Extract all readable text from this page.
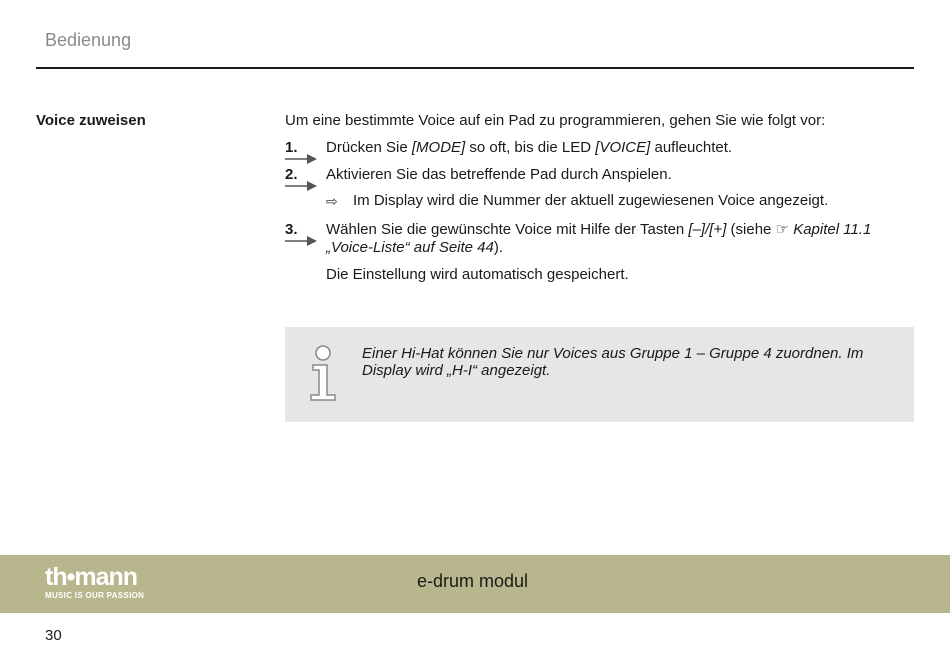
Bedienung
Voice zuweisen	Um eine bestimmte Voice auf ein Pad zu programmieren, gehen Sie wie folgt vor:

1.	Drücken Sie [MODE] so oft, bis die LED [VOICE] aufleuchtet.
2.	Aktivieren Sie das betreffende Pad durch Anspielen.
⇨ Im Display wird die Nummer der aktuell zugewiesenen Voice angezeigt.
3.	Wählen Sie die gewünschte Voice mit Hilfe der Tasten [–]/[+] (siehe ☞ Kapitel 11.1 „Voice-Liste“ auf Seite 44).

Die Einstellung wird automatisch gespeichert.

Einer Hi-Hat können Sie nur Voices aus Gruppe 1 – Gruppe 4 zuordnen. Im Display wird „H-I“ angezeigt.
th•mann
MUSIC IS OUR PASSION
e-drum modul
30
